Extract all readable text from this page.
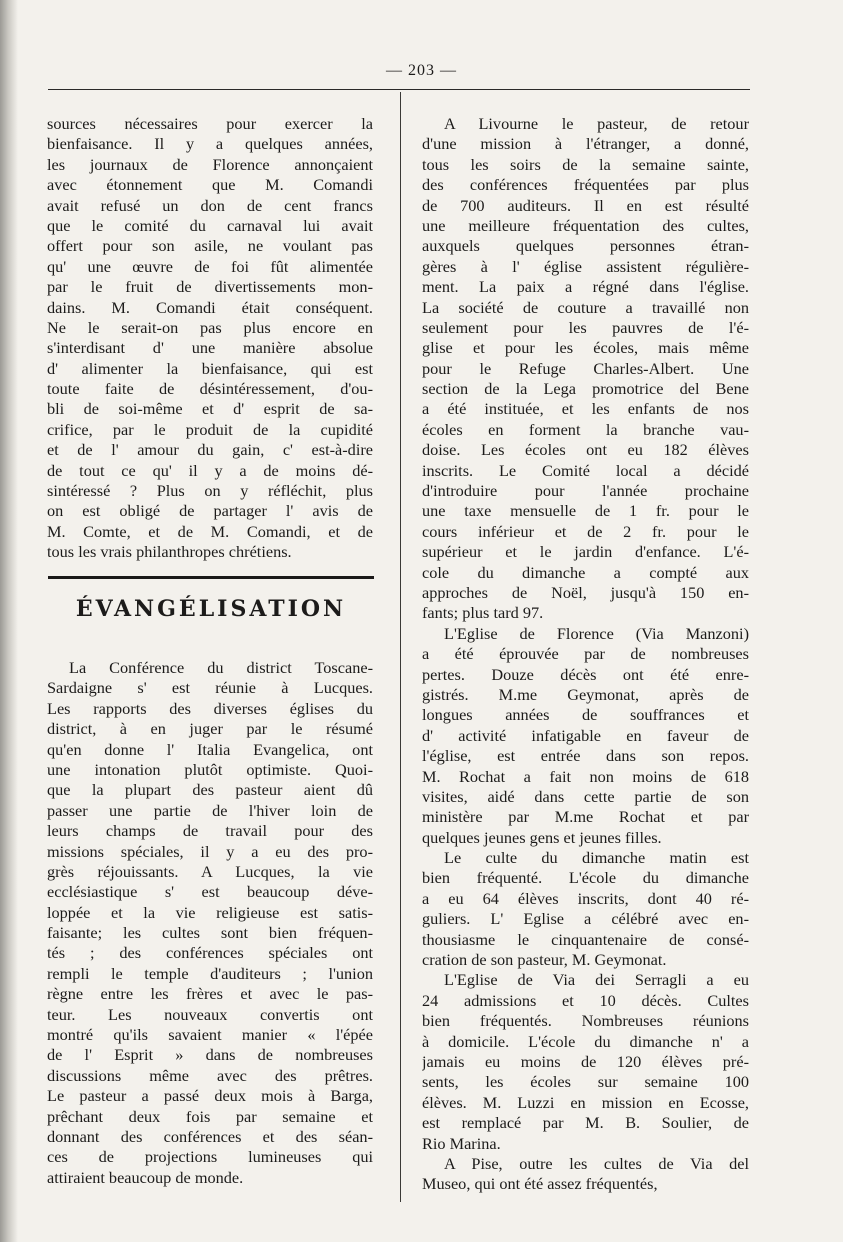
— 203 —
sources nécessaires pour exercer la
bienfaisance. Il y a quelques années,
les journaux de Florence annonçaient
avec étonnement que M. Comandi
avait refusé un don de cent francs
que le comité du carnaval lui avait
offert pour son asile, ne voulant pas
qu' une œuvre de foi fût alimentée
par le fruit de divertissements mon-
dains. M. Comandi était conséquent.
Ne le serait-on pas plus encore en
s'interdisant d' une manière absolue
d' alimenter la bienfaisance, qui est
toute faite de désintéressement, d'ou-
bli de soi-même et d' esprit de sa-
crifice, par le produit de la cupidité
et de l' amour du gain, c' est-à-dire
de tout ce qu' il y a de moins dé-
sintéressé ? Plus on y réfléchit, plus
on est obligé de partager l' avis de
M. Comte, et de M. Comandi, et de
tous les vrais philanthropes chrétiens.
ÉVANGÉLISATION
La Conférence du district Toscane-
Sardaigne s' est réunie à Lucques.
Les rapports des diverses églises du
district, à en juger par le résumé
qu'en donne l' Italia Evangelica, ont
une intonation plutôt optimiste. Quoi-
que la plupart des pasteur aient dû
passer une partie de l'hiver loin de
leurs champs de travail pour des
missions spéciales, il y a eu des pro-
grès réjouissants. A Lucques, la vie
ecclésiastique s' est beaucoup déve-
loppée et la vie religieuse est satis-
faisante; les cultes sont bien fréquen-
tés ; des conférences spéciales ont
rempli le temple d'auditeurs ; l'union
règne entre les frères et avec le pas-
teur. Les nouveaux convertis ont
montré qu'ils savaient manier « l'épée
de l' Esprit » dans de nombreuses
discussions même avec des prêtres.
Le pasteur a passé deux mois à Barga,
prêchant deux fois par semaine et
donnant des conférences et des séan-
ces de projections lumineuses qui
attiraient beaucoup de monde.
A Livourne le pasteur, de retour
d'une mission à l'étranger, a donné,
tous les soirs de la semaine sainte,
des conférences fréquentées par plus
de 700 auditeurs. Il en est résulté
une meilleure fréquentation des cultes,
auxquels quelques personnes étran-
gères à l' église assistent régulière-
ment. La paix a régné dans l'église.
La société de couture a travaillé non
seulement pour les pauvres de l'é-
glise et pour les écoles, mais même
pour le Refuge Charles-Albert. Une
section de la Lega promotrice del Bene
a été instituée, et les enfants de nos
écoles en forment la branche vau-
doise. Les écoles ont eu 182 élèves
inscrits. Le Comité local a décidé
d'introduire pour l'année prochaine
une taxe mensuelle de 1 fr. pour le
cours inférieur et de 2 fr. pour le
supérieur et le jardin d'enfance. L'é-
cole du dimanche a compté aux
approches de Noël, jusqu'à 150 en-
fants; plus tard 97.
L'Eglise de Florence (Via Manzoni)
a été éprouvée par de nombreuses
pertes. Douze décès ont été enre-
gistrés. M.me Geymonat, après de
longues années de souffrances et
d' activité infatigable en faveur de
l'église, est entrée dans son repos.
M. Rochat a fait non moins de 618
visites, aidé dans cette partie de son
ministère par M.me Rochat et par
quelques jeunes gens et jeunes filles.
Le culte du dimanche matin est
bien fréquenté. L'école du dimanche
a eu 64 élèves inscrits, dont 40 ré-
guliers. L' Eglise a célébré avec en-
thousiasme le cinquantenaire de consé-
cration de son pasteur, M. Geymonat.
L'Eglise de Via dei Serragli a eu
24 admissions et 10 décès. Cultes
bien fréquentés. Nombreuses réunions
à domicile. L'école du dimanche n' a
jamais eu moins de 120 élèves pré-
sents, les écoles sur semaine 100
élèves. M. Luzzi en mission en Ecosse,
est remplacé par M. B. Soulier, de
Rio Marina.
A Pise, outre les cultes de Via del
Museo, qui ont été assez fréquentés,
